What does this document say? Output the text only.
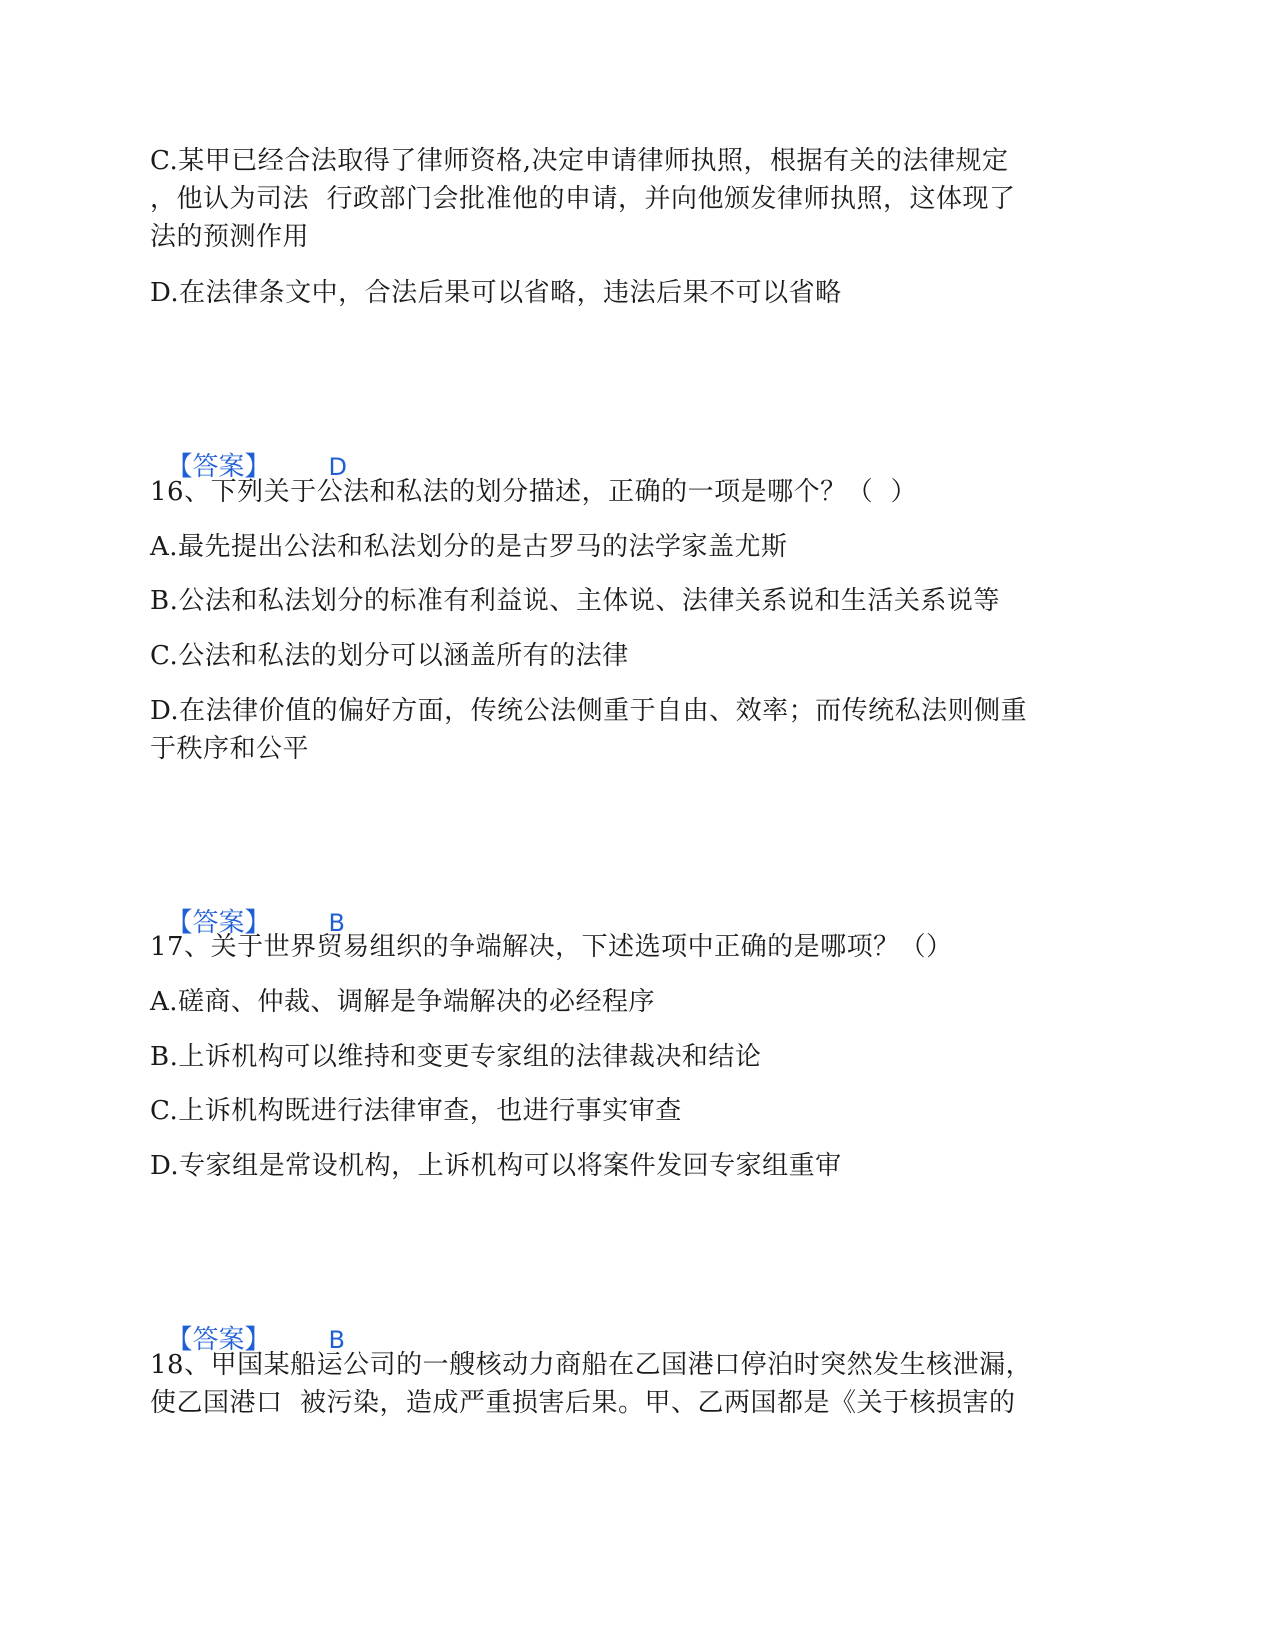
C.某甲已经合法取得了律师资格,决定申请律师执照，根据有关的法律规定
，他认为司法  行政部门会批准他的申请，并向他颁发律师执照，这体现了
法的预测作用
D.在法律条文中，合法后果可以省略，违法后果不可以省略

【答案】 D

16、下列关于公法和私法的划分描述，正确的一项是哪个？（  ）
A.最先提出公法和私法划分的是古罗马的法学家盖尤斯
B.公法和私法划分的标准有利益说、主体说、法律关系说和生活关系说等
C.公法和私法的划分可以涵盖所有的法律
D.在法律价值的偏好方面，传统公法侧重于自由、效率；而传统私法则侧重
于秩序和公平

【答案】 B

17、关于世界贸易组织的争端解决，下述选项中正确的是哪项？（）
A.磋商、仲裁、调解是争端解决的必经程序
B.上诉机构可以维持和变更专家组的法律裁决和结论
C.上诉机构既进行法律审查，也进行事实审查
D.专家组是常设机构，上诉机构可以将案件发回专家组重审

【答案】 B

18、甲国某船运公司的一艘核动力商船在乙国港口停泊时突然发生核泄漏，
使乙国港口  被污染，造成严重损害后果。甲、乙两国都是《关于核损害的
